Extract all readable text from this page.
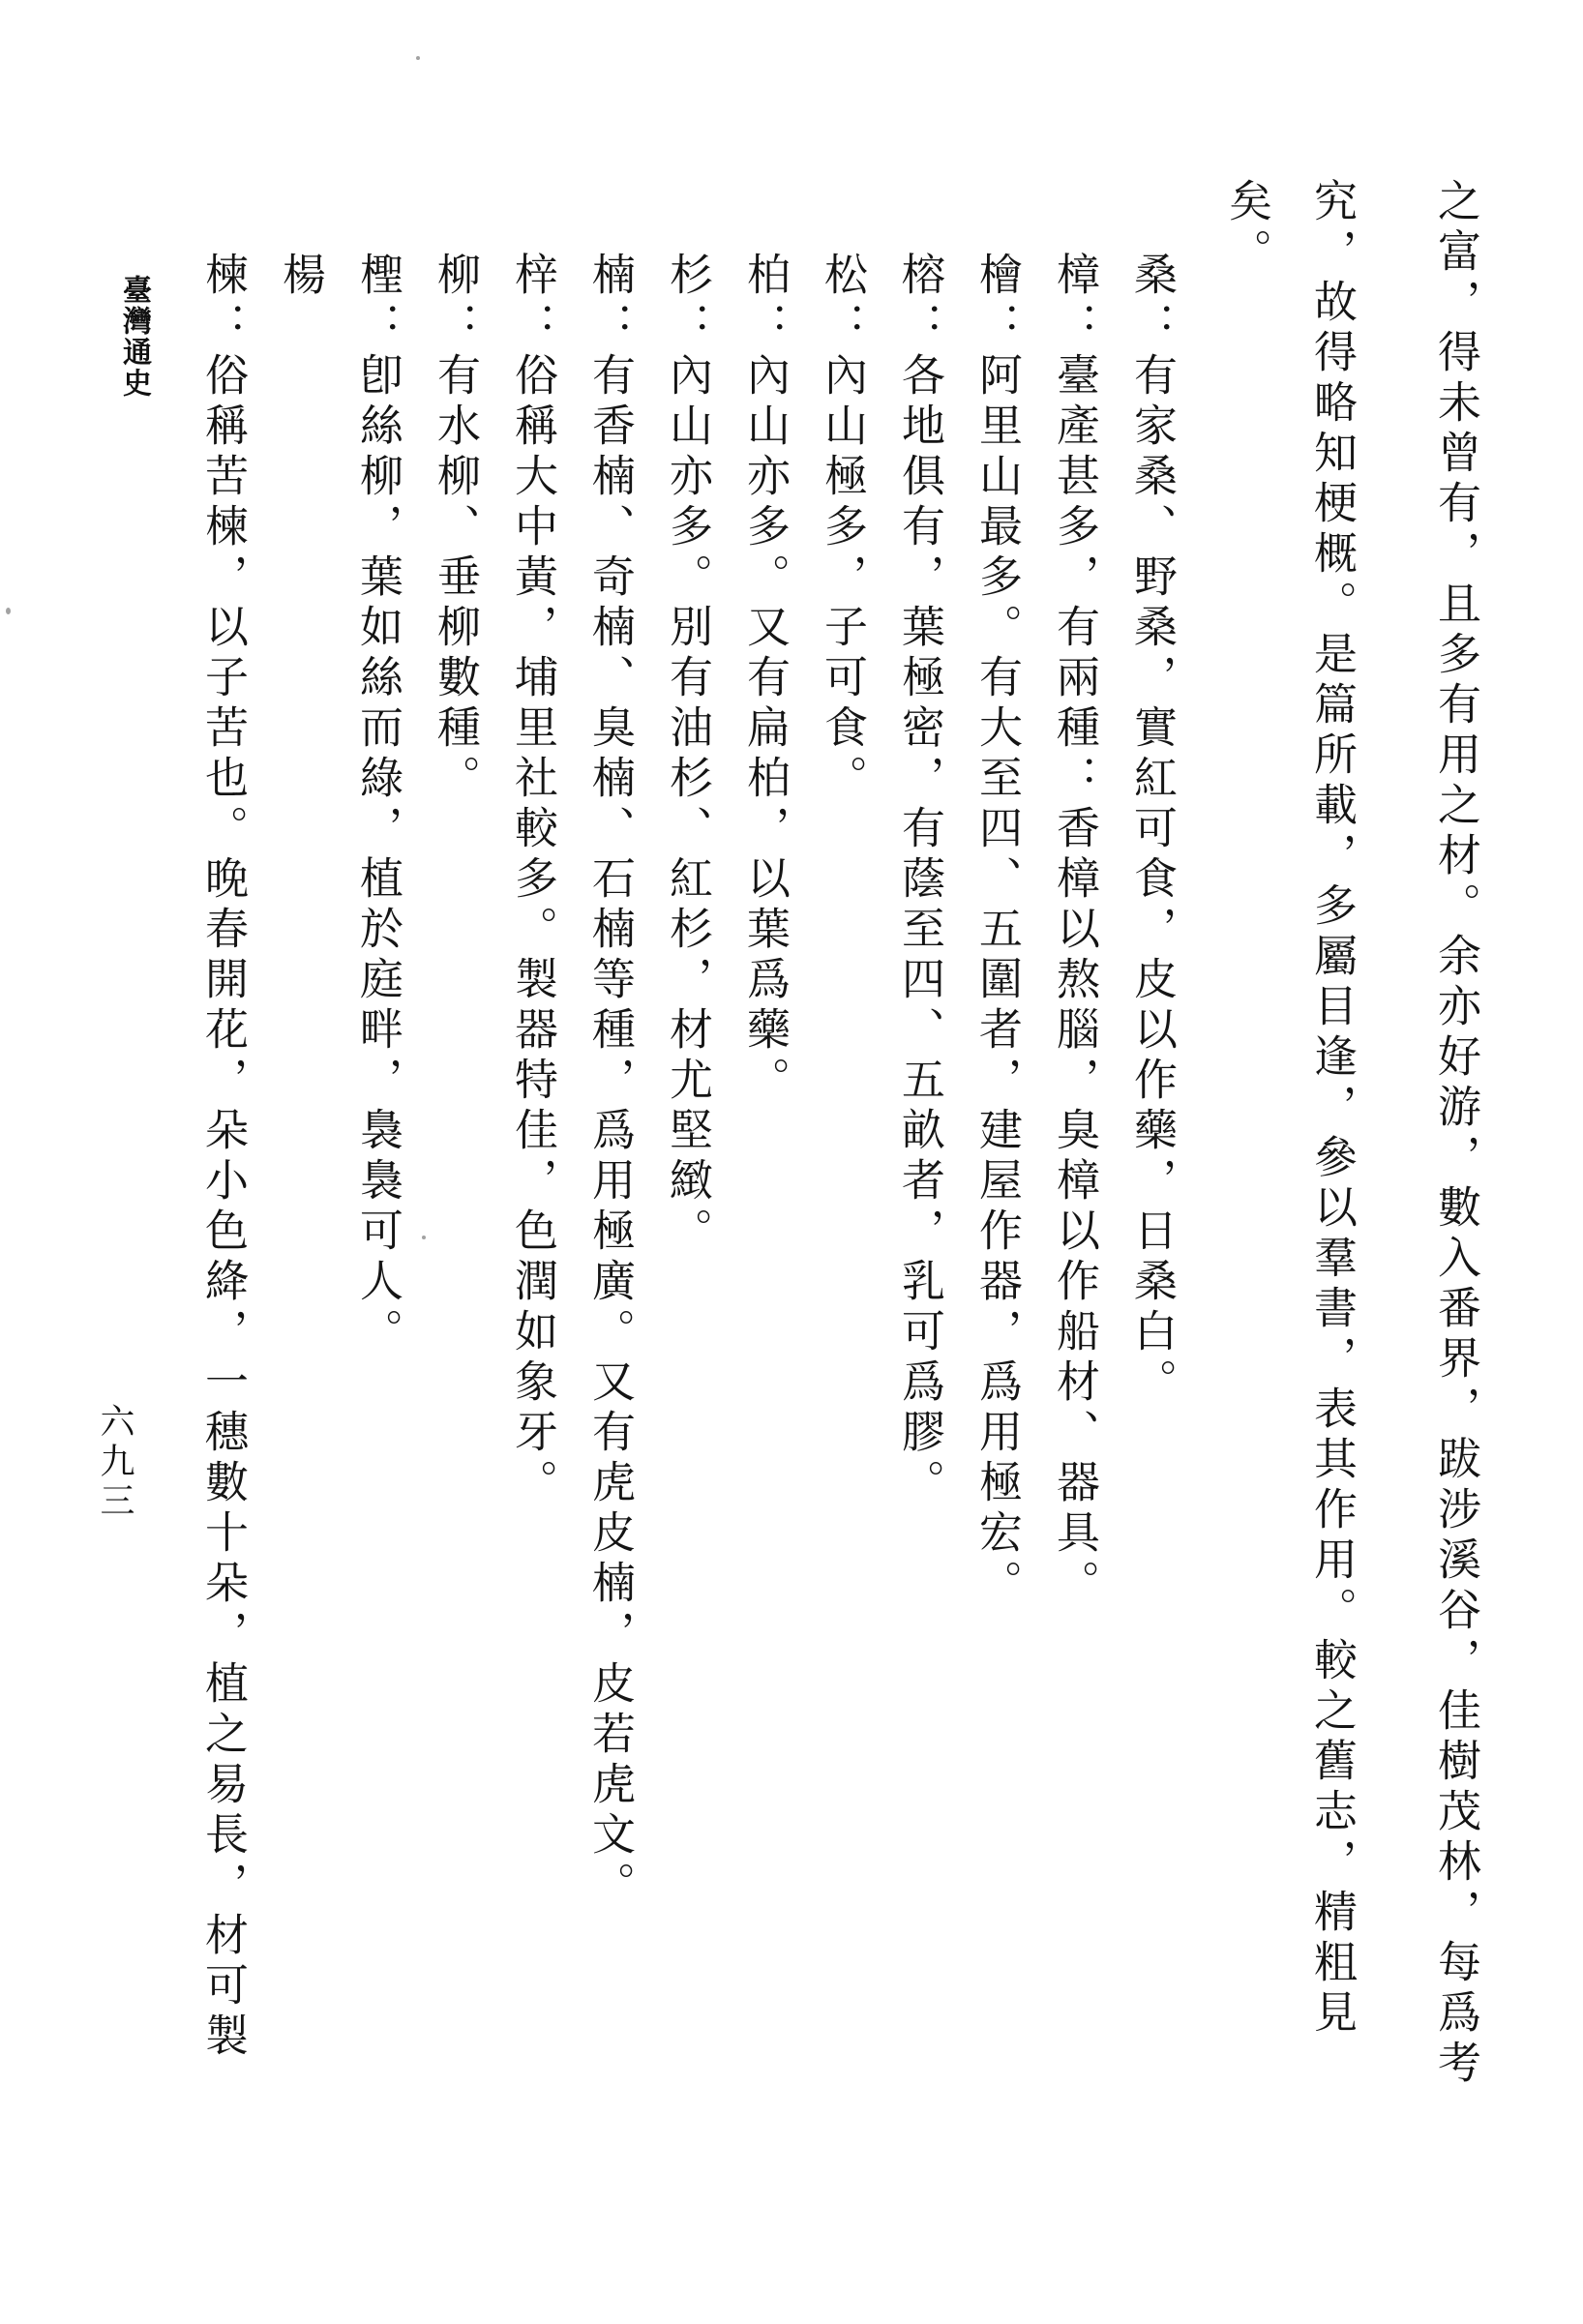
臺灣通史
六九三	之富，得未曾有，且多有用之材。余亦好游，數入番界，跋涉溪谷，佳樹茂林，每爲考
究，故得略知梗概。是篇所載，多屬目逢，參以羣書，表其作用。較之舊志，精粗見
矣。
桑：有家桑、野桑，實紅可食，皮以作藥，日桑白。
樟：臺產甚多，有兩種：香樟以熬腦，臭樟以作船材、器具。
檜：阿里山最多。有大至四、五圍者，建屋作器，爲用極宏。
榕：各地俱有，葉極密，有蔭至四、五畝者，乳可爲膠。
松：內山極多，子可食。
柏：內山亦多。又有扁柏，以葉爲藥。
杉：內山亦多。別有油杉、紅杉，材尤堅緻。
楠：有香楠、奇楠、臭楠、石楠等種，爲用極廣。又有虎皮楠，皮若虎文。
梓：俗稱大中黃，埔里社較多。製器特佳，色潤如象牙。
柳：有水柳、垂柳數種。
檉：卽絲柳，葉如絲而綠，植於庭畔，裊裊可人。
楊
楝：俗稱苦楝，以子苦也。晚春開花，朵小色絳，一穗數十朵，植之易長，材可製
